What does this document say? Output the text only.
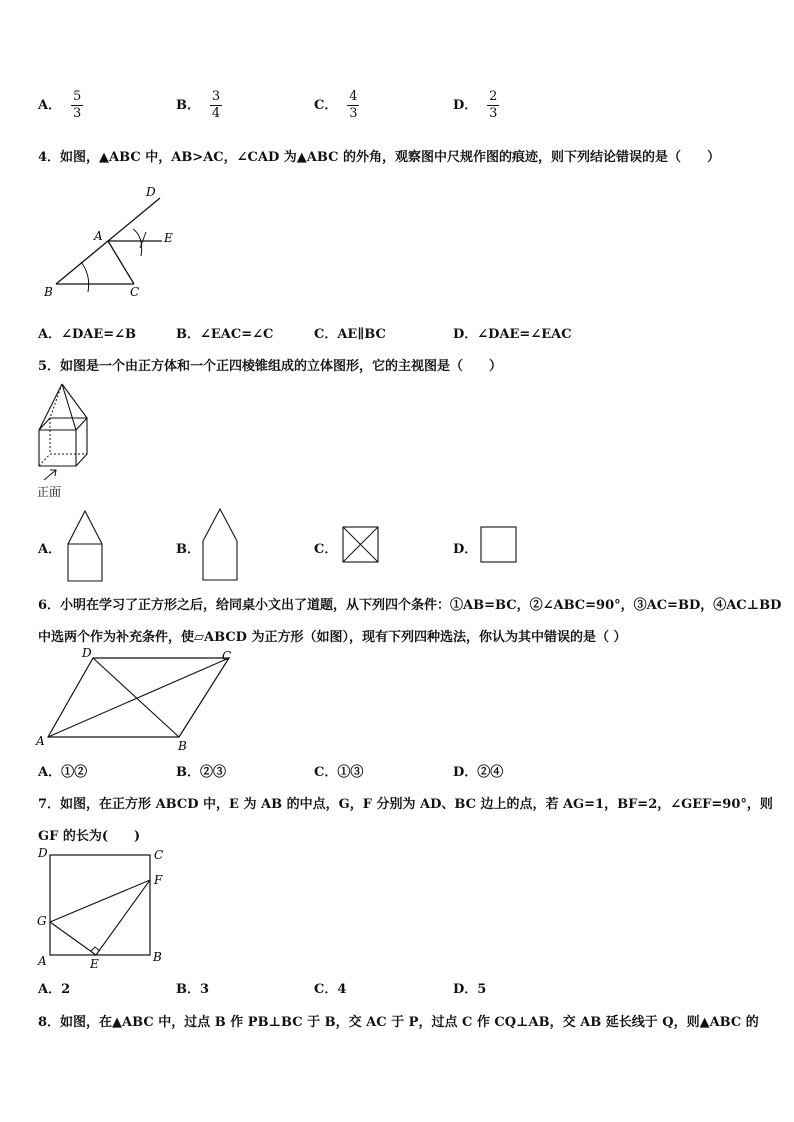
A． $\frac{5}{3}$	B． $\frac{3}{4}$	C． $\frac{4}{3}$	D． $\frac{2}{3}$
4．如图，▲ABC 中，AB>AC，∠CAD 为▲ABC 的外角，观察图中尺规作图的痕迹，则下列结论错误的是（　　）
D
A	E
B	C
A．∠DAE=∠B	B．∠EAC=∠C	C．AE∥BC	D．∠DAE=∠EAC
5．如图是一个由正方体和一个正四棱锥组成的立体图形，它的主视图是（　　）
正面
A．	B．	C．	D．
6．小明在学习了正方形之后，给同桌小文出了道题，从下列四个条件：①AB=BC，②∠ABC=90°，③AC=BD，④AC⊥BD
中选两个作为补充条件，使▱ABCD 为正方形（如图），现有下列四种选法，你认为其中错误的是（ ）
D	C
A	B
A．①②	B．②③	C．①③	D．②④
7．如图，在正方形 ABCD 中，E 为 AB 的中点，G，F 分别为 AD、BC 边上的点，若 AG=1，BF=2，∠GEF=90°，则
GF 的长为(　　)
D	C
F
G
A	E	B
A．2	B．3	C．4	D．5
8．如图，在▲ABC 中，过点 B 作 PB⊥BC 于 B，交 AC 于 P，过点 C 作 CQ⊥AB，交 AB 延长线于 Q，则▲ABC 的
